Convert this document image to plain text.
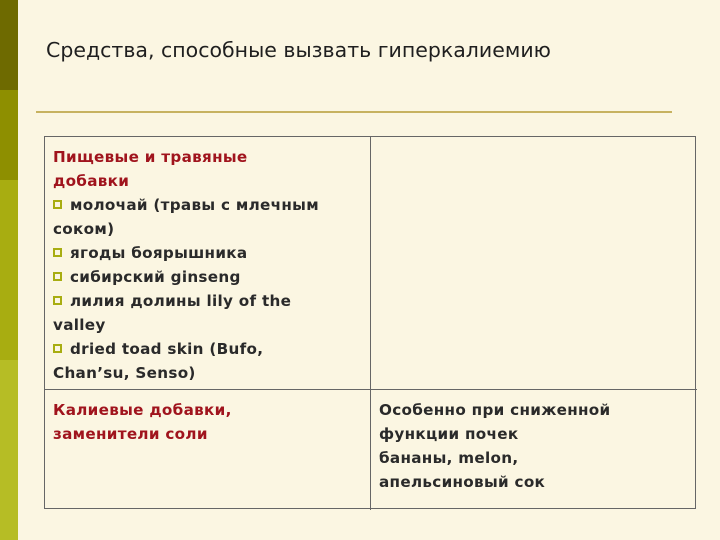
Средства, способные вызвать гиперкалиемию
Пищевые и травяные
добавки
молочай (травы с млечным
соком)
ягоды боярышника
сибирский ginseng
лилия долины lily of the
valley
dried toad skin (Bufo,
Chan’su, Senso)
Калиевые добавки,
заменители соли
Особенно при сниженной
функции почек
бананы, melon,
апельсиновый сок
